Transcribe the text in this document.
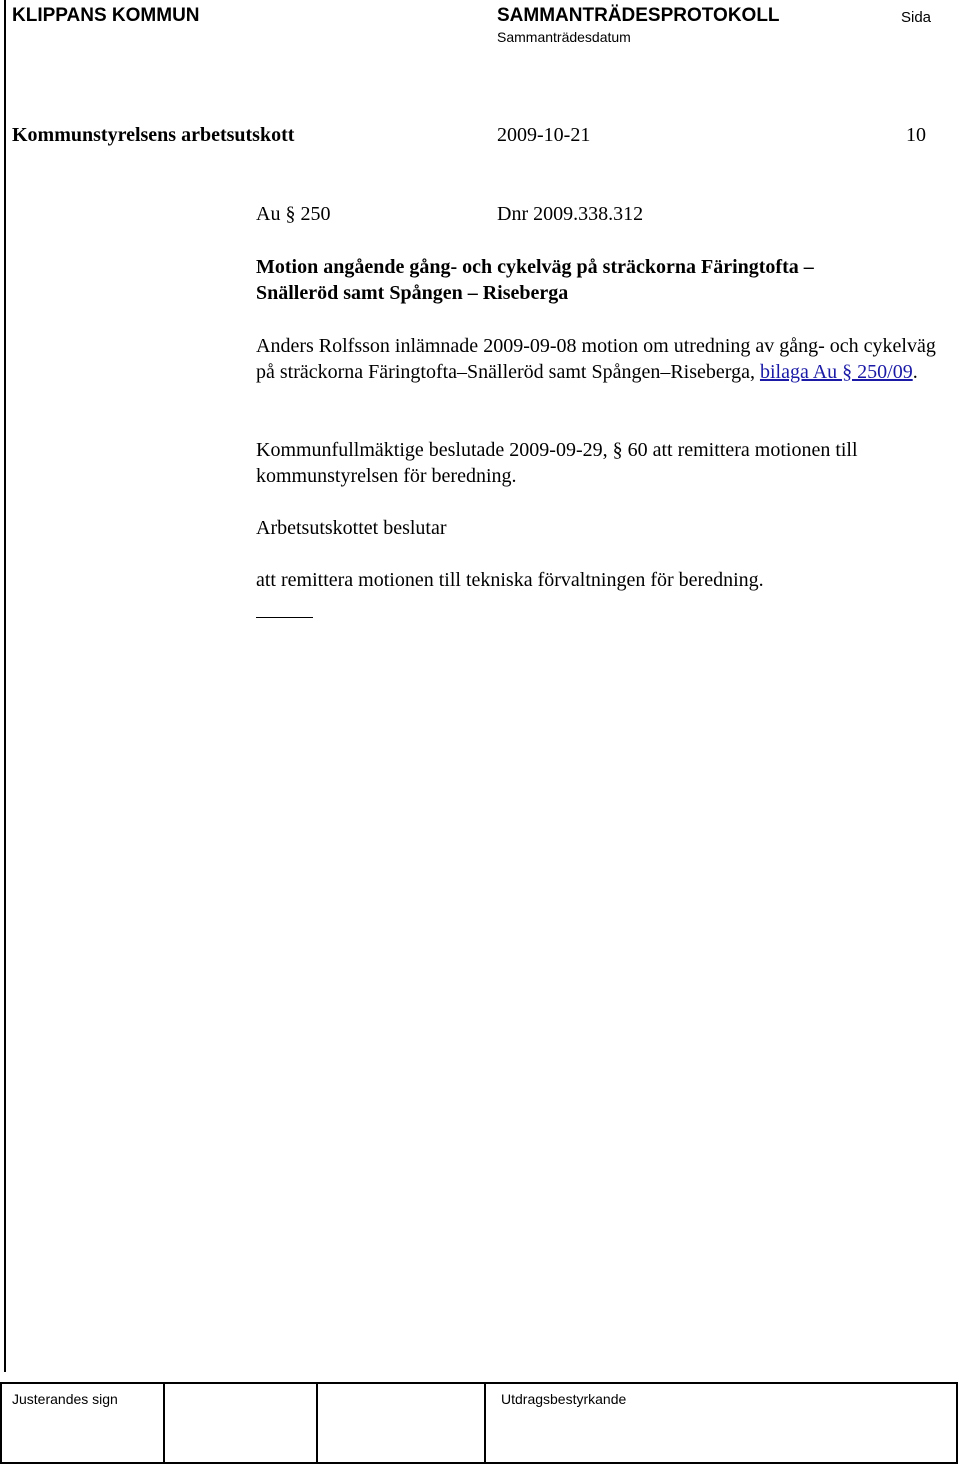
KLIPPANS KOMMUN	SAMMANTRÄDESPROTOKOLL	Sida
Sammanträdesdatum
Kommunstyrelsens arbetsutskott	2009-10-21	10
Au § 250	Dnr 2009.338.312
Motion angående gång- och cykelväg på sträckorna Färingtofta –
Snälleröd samt Spången – Riseberga
Anders Rolfsson inlämnade 2009-09-08 motion om utredning av gång- och cykelväg på sträckorna Färingtofta–Snälleröd samt Spången–Riseberga, bilaga Au § 250/09.
Kommunfullmäktige beslutade 2009-09-29, § 60 att remittera motionen till kommunstyrelsen för beredning.
Arbetsutskottet beslutar
att remittera motionen till tekniska förvaltningen för beredning.
Justerandes sign	Utdragsbestyrkande
